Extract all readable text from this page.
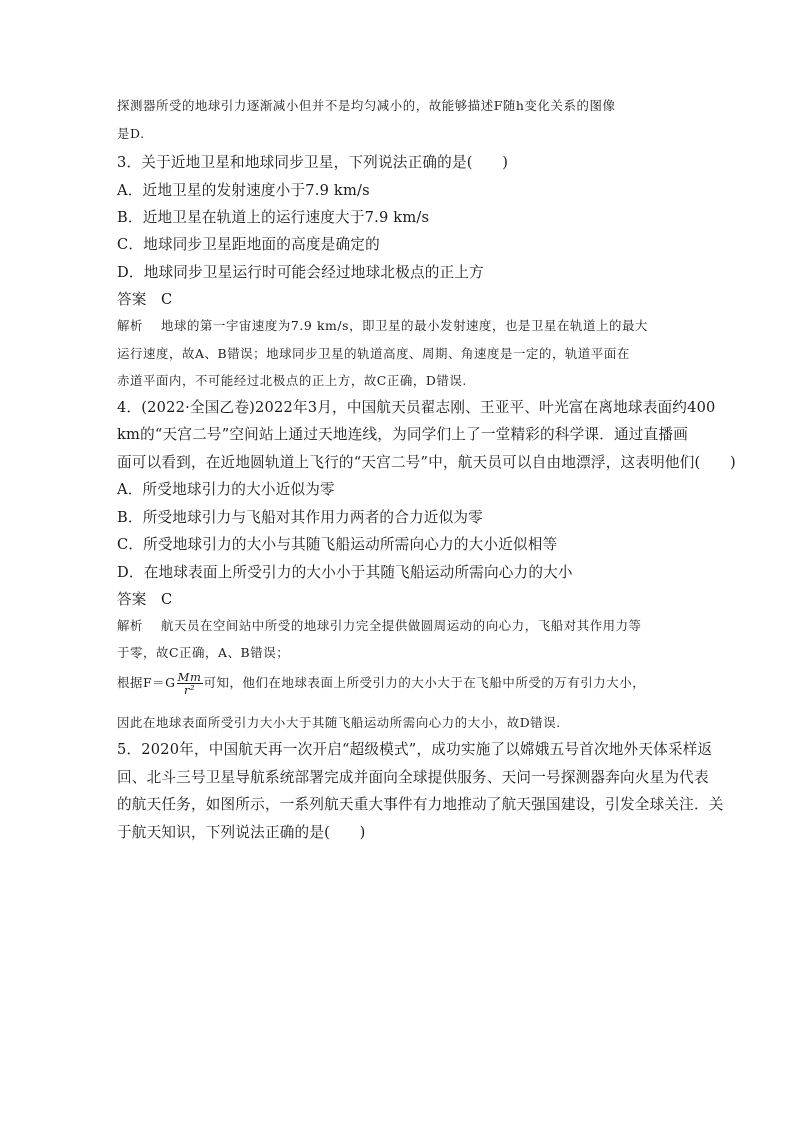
探测器所受的地球引力逐渐减小但并不是均匀减小的，故能够描述F随h变化关系的图像
是D.
3．关于近地卫星和地球同步卫星，下列说法正确的是(　　)
A．近地卫星的发射速度小于7.9 km/s
B．近地卫星在轨道上的运行速度大于7.9 km/s
C．地球同步卫星距地面的高度是确定的
D．地球同步卫星运行时可能会经过地球北极点的正上方
答案 C
解析 地球的第一宇宙速度为7.9 km/s，即卫星的最小发射速度，也是卫星在轨道上的最大
运行速度，故A、B错误；地球同步卫星的轨道高度、周期、角速度是一定的，轨道平面在
赤道平面内，不可能经过北极点的正上方，故C正确，D错误.
4．(2022·全国乙卷)2022年3月，中国航天员翟志刚、王亚平、叶光富在离地球表面约400
km的“天宫二号”空间站上通过天地连线，为同学们上了一堂精彩的科学课．通过直播画
面可以看到，在近地圆轨道上飞行的“天宫二号”中，航天员可以自由地漂浮，这表明他们(　　)
A．所受地球引力的大小近似为零
B．所受地球引力与飞船对其作用力两者的合力近似为零
C．所受地球引力的大小与其随飞船运动所需向心力的大小近似相等
D．在地球表面上所受引力的大小小于其随飞船运动所需向心力的大小
答案 C
解析 航天员在空间站中所受的地球引力完全提供做圆周运动的向心力，飞船对其作用力等
于零，故C正确，A、B错误；
根据$F=G \frac{Mm}{\text{r²}}$ 可知，他们在地球表面上所受引力的大小大于在飞船中所受的万有引力大小，
因此在地球表面所受引力大小大于其随飞船运动所需向心力的大小，故D错误.
5．2020年，中国航天再一次开启“超级模式”，成功实施了以嫦娥五号首次地外天体采样返
回、北斗三号卫星导航系统部署完成并面向全球提供服务、天问一号探测器奔向火星为代表
的航天任务，如图所示，一系列航天重大事件有力地推动了航天强国建设，引发全球关注．关
于航天知识，下列说法正确的是(　　)
